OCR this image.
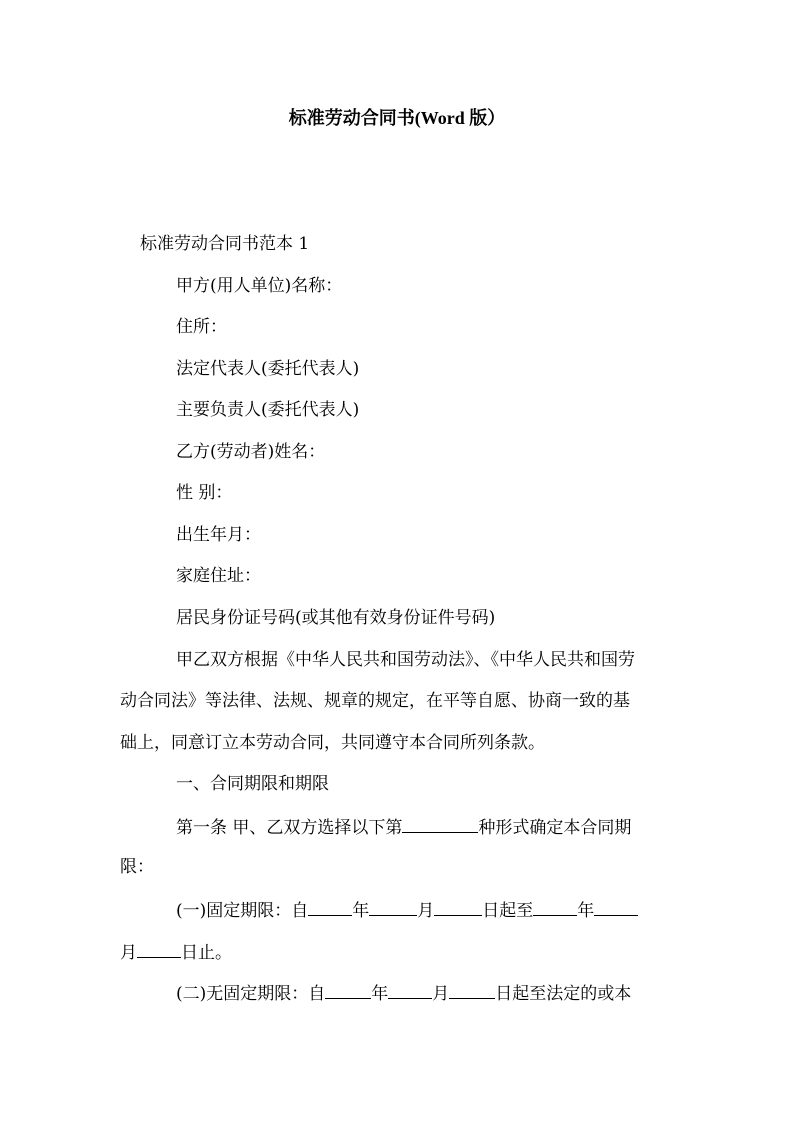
标准劳动合同书(Word 版）
标准劳动合同书范本 1
甲方(用人单位)名称：
住所：
法定代表人(委托代表人)
主要负责人(委托代表人)
乙方(劳动者)姓名：
性 别：
出生年月：
家庭住址：
居民身份证号码(或其他有效身份证件号码)
甲乙双方根据《中华人民共和国劳动法》、《中华人民共和国劳
动合同法》等法律、法规、规章的规定，在平等自愿、协商一致的基
础上，同意订立本劳动合同，共同遵守本合同所列条款。
一、合同期限和期限
第一条 甲、乙双方选择以下第	种形式确定本合同期
限：
(一)固定期限：自	年	月	日起至	年
月	日止。
(二)无固定期限：自	年	月	日起至法定的或本
